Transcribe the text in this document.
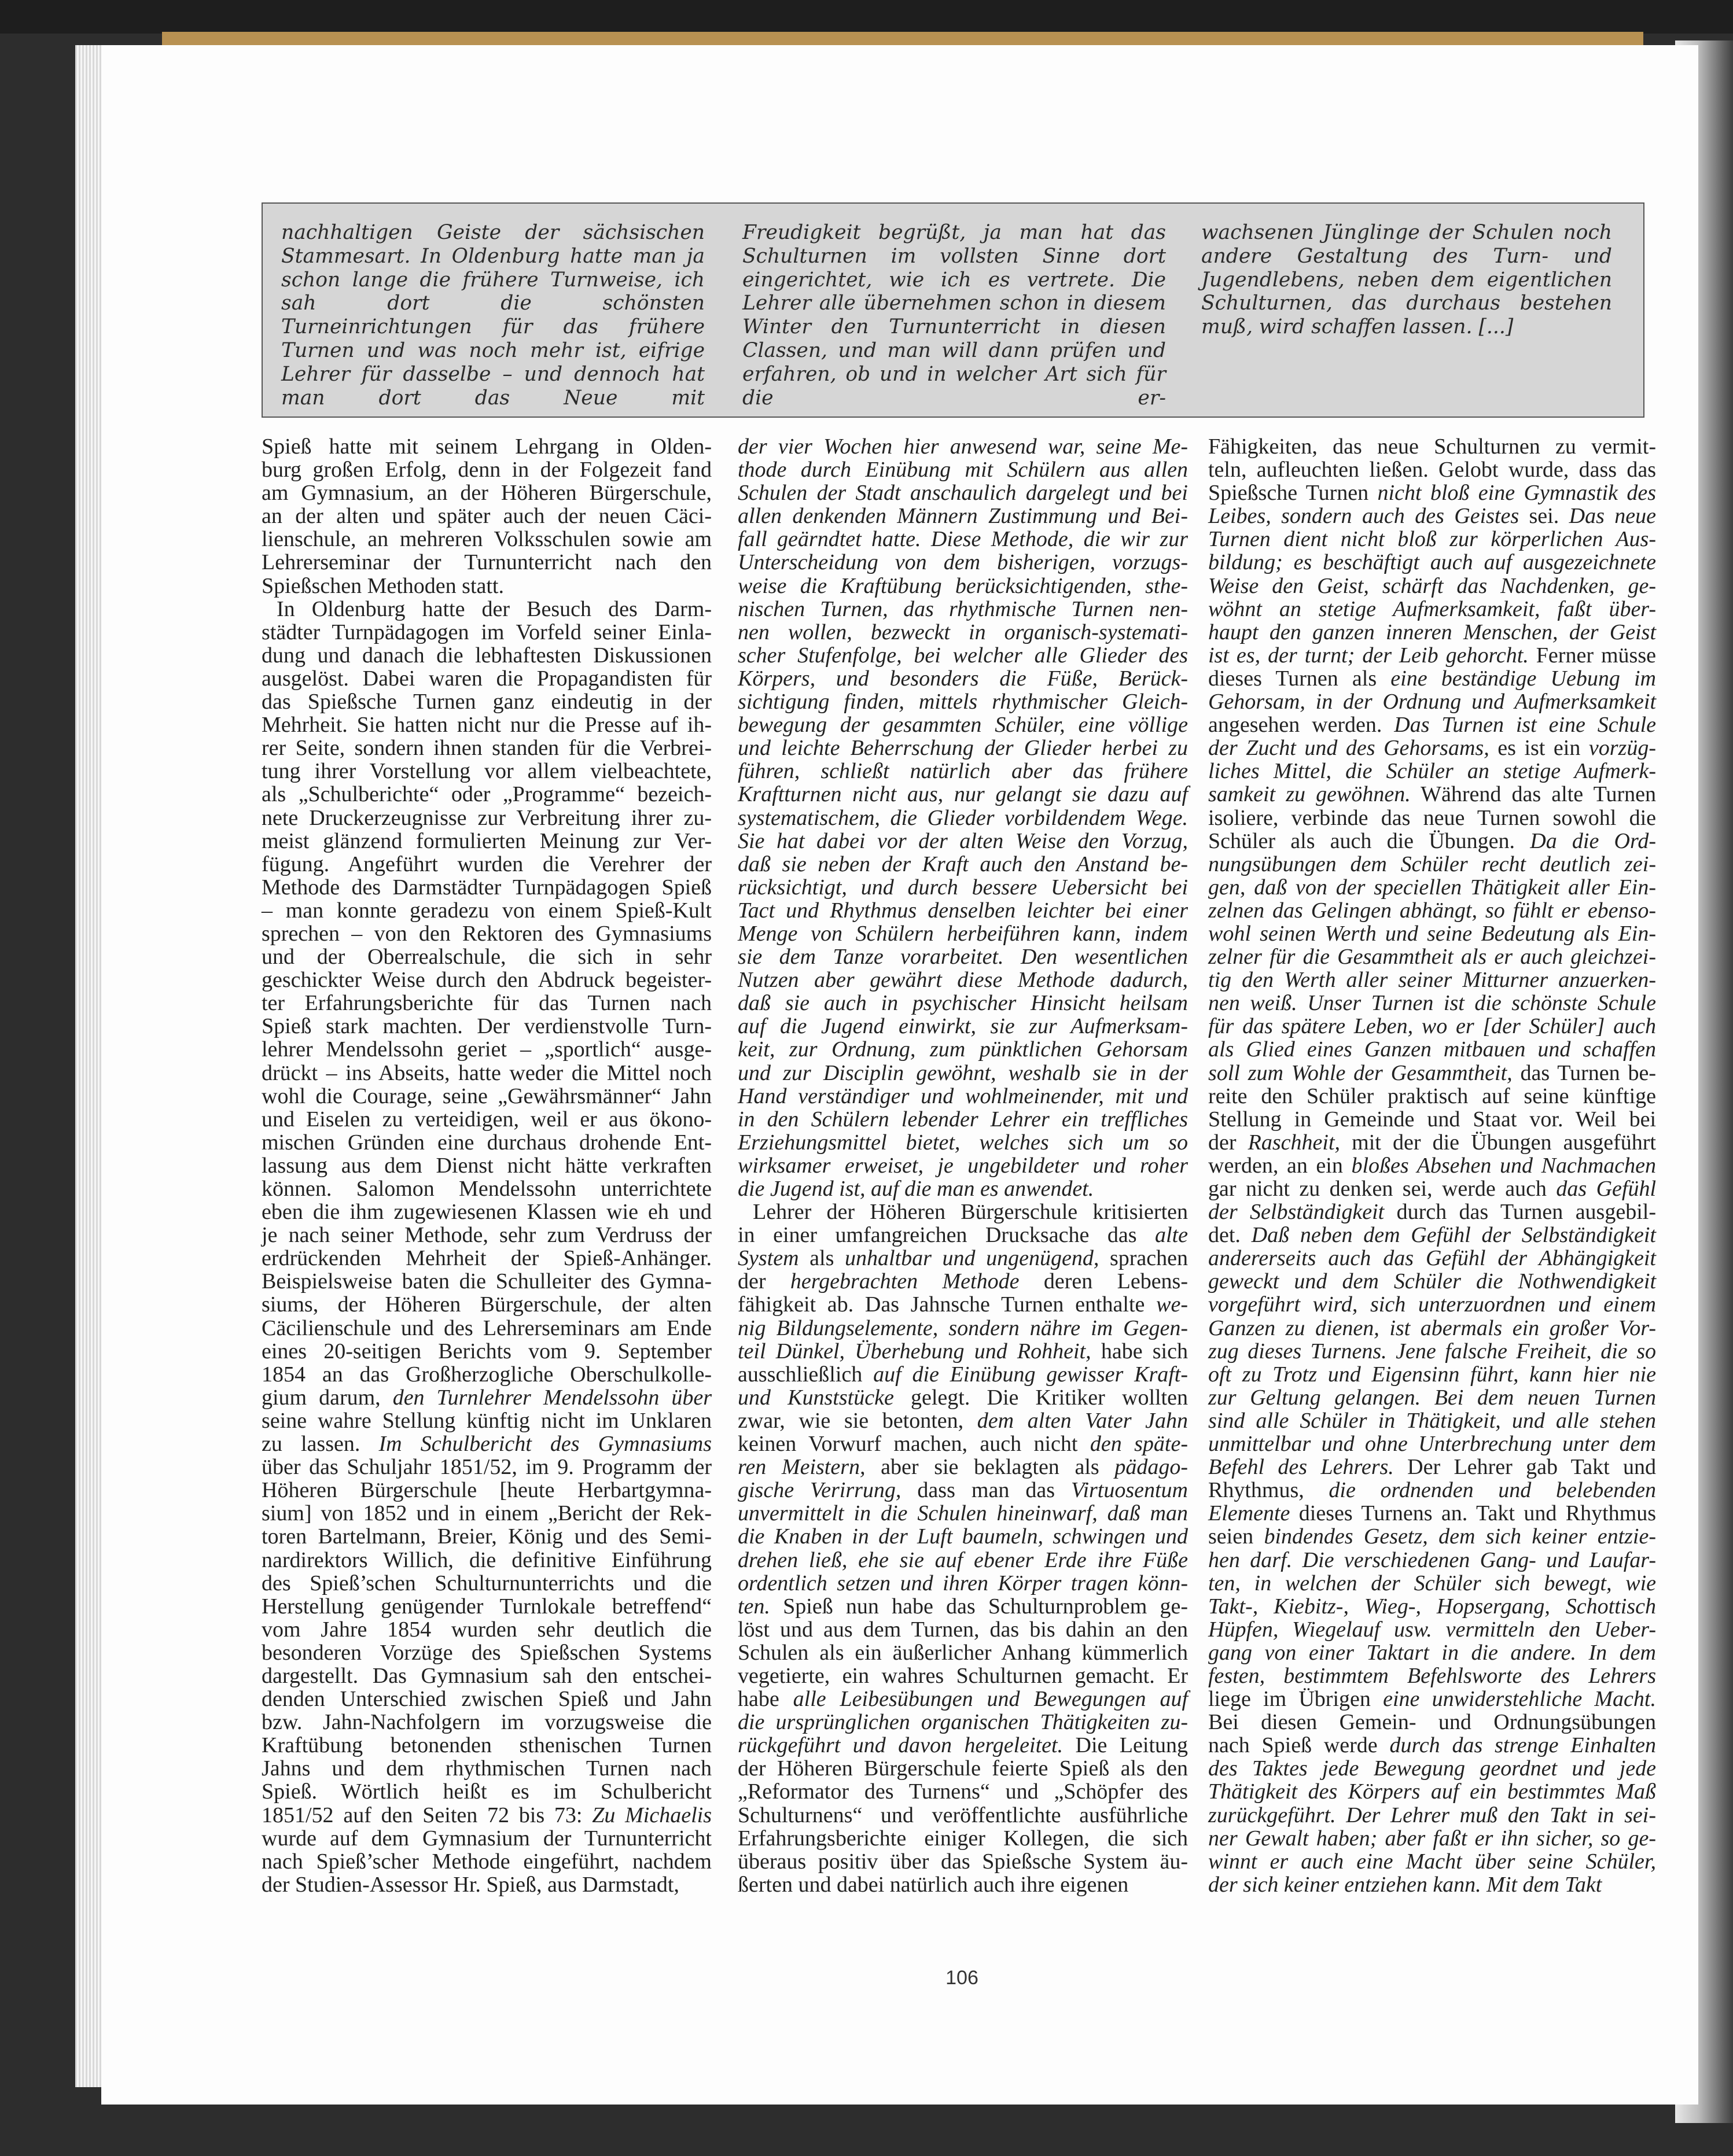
nachhaltigen Geiste der sächsischen Stammesart. In Oldenburg hatte man ja schon lange die frühere Turnweise, ich sah dort die schönsten Turneinrichtungen für das frühere Turnen und was noch mehr ist, eifrige Lehrer für dasselbe – und dennoch hat man dort das Neue mit
Freudigkeit begrüßt, ja man hat das Schulturnen im vollsten Sinne dort eingerichtet, wie ich es vertrete. Die Lehrer alle übernehmen schon in diesem Winter den Turnunterricht in diesen Classen, und man will dann prüfen und erfahren, ob und in welcher Art sich für die er-
wachsenen Jünglinge der Schulen noch andere Gestaltung des Turn- und Jugendlebens, neben dem eigentlichen Schulturnen, das durchaus bestehen muß, wird schaffen lassen. [...]
Spieß hatte mit seinem Lehrgang in Olden-
burg großen Erfolg, denn in der Folgezeit fand
am Gymnasium, an der Höheren Bürgerschule,
an der alten und später auch der neuen Cäci-
lienschule, an mehreren Volksschulen sowie am
Lehrerseminar der Turnunterricht nach den
Spießschen Methoden statt.
In Oldenburg hatte der Besuch des Darm-
städter Turnpädagogen im Vorfeld seiner Einla-
dung und danach die lebhaftesten Diskussionen
ausgelöst. Dabei waren die Propagandisten für
das Spießsche Turnen ganz eindeutig in der
Mehrheit. Sie hatten nicht nur die Presse auf ih-
rer Seite, sondern ihnen standen für die Verbrei-
tung ihrer Vorstellung vor allem vielbeachtete,
als „Schulberichte“ oder „Programme“ bezeich-
nete Druckerzeugnisse zur Verbreitung ihrer zu-
meist glänzend formulierten Meinung zur Ver-
fügung. Angeführt wurden die Verehrer der
Methode des Darmstädter Turnpädagogen Spieß
– man konnte geradezu von einem Spieß-Kult
sprechen – von den Rektoren des Gymnasiums
und der Oberrealschule, die sich in sehr
geschickter Weise durch den Abdruck begeister-
ter Erfahrungsberichte für das Turnen nach
Spieß stark machten. Der verdienstvolle Turn-
lehrer Mendelssohn geriet – „sportlich“ ausge-
drückt – ins Abseits, hatte weder die Mittel noch
wohl die Courage, seine „Gewährsmänner“ Jahn
und Eiselen zu verteidigen, weil er aus ökono-
mischen Gründen eine durchaus drohende Ent-
lassung aus dem Dienst nicht hätte verkraften
können. Salomon Mendelssohn unterrichtete
eben die ihm zugewiesenen Klassen wie eh und
je nach seiner Methode, sehr zum Verdruss der
erdrückenden Mehrheit der Spieß-Anhänger.
Beispielsweise baten die Schulleiter des Gymna-
siums, der Höheren Bürgerschule, der alten
Cäcilienschule und des Lehrerseminars am Ende
eines 20-seitigen Berichts vom 9. September
1854 an das Großherzogliche Oberschulkolle-
gium darum, den Turnlehrer Mendelssohn über
seine wahre Stellung künftig nicht im Unklaren
zu lassen. Im Schulbericht des Gymnasiums
über das Schuljahr 1851/52, im 9. Programm der
Höheren Bürgerschule [heute Herbartgymna-
sium] von 1852 und in einem „Bericht der Rek-
toren Bartelmann, Breier, König und des Semi-
nardirektors Willich, die definitive Einführung
des Spieß’schen Schulturnunterrichts und die
Herstellung genügender Turnlokale betreffend“
vom Jahre 1854 wurden sehr deutlich die
besonderen Vorzüge des Spießschen Systems
dargestellt. Das Gymnasium sah den entschei-
denden Unterschied zwischen Spieß und Jahn
bzw. Jahn-Nachfolgern im vorzugsweise die
Kraftübung betonenden sthenischen Turnen
Jahns und dem rhythmischen Turnen nach
Spieß. Wörtlich heißt es im Schulbericht
1851/52 auf den Seiten 72 bis 73: Zu Michaelis
wurde auf dem Gymnasium der Turnunterricht
nach Spieß’scher Methode eingeführt, nachdem
der Studien-Assessor Hr. Spieß, aus Darmstadt,
der vier Wochen hier anwesend war, seine Me-
thode durch Einübung mit Schülern aus allen
Schulen der Stadt anschaulich dargelegt und bei
allen denkenden Männern Zustimmung und Bei-
fall geärndtet hatte. Diese Methode, die wir zur
Unterscheidung von dem bisherigen, vorzugs-
weise die Kraftübung berücksichtigenden, sthe-
nischen Turnen, das rhythmische Turnen nen-
nen wollen, bezweckt in organisch-systemati-
scher Stufenfolge, bei welcher alle Glieder des
Körpers, und besonders die Füße, Berück-
sichtigung finden, mittels rhythmischer Gleich-
bewegung der gesammten Schüler, eine völlige
und leichte Beherrschung der Glieder herbei zu
führen, schließt natürlich aber das frühere
Kraftturnen nicht aus, nur gelangt sie dazu auf
systematischem, die Glieder vorbildendem Wege.
Sie hat dabei vor der alten Weise den Vorzug,
daß sie neben der Kraft auch den Anstand be-
rücksichtigt, und durch bessere Uebersicht bei
Tact und Rhythmus denselben leichter bei einer
Menge von Schülern herbeiführen kann, indem
sie dem Tanze vorarbeitet. Den wesentlichen
Nutzen aber gewährt diese Methode dadurch,
daß sie auch in psychischer Hinsicht heilsam
auf die Jugend einwirkt, sie zur Aufmerksam-
keit, zur Ordnung, zum pünktlichen Gehorsam
und zur Disciplin gewöhnt, weshalb sie in der
Hand verständiger und wohlmeinender, mit und
in den Schülern lebender Lehrer ein treffliches
Erziehungsmittel bietet, welches sich um so
wirksamer erweiset, je ungebildeter und roher
die Jugend ist, auf die man es anwendet.
Lehrer der Höheren Bürgerschule kritisierten
in einer umfangreichen Drucksache das alte
System als unhaltbar und ungenügend, sprachen
der hergebrachten Methode deren Lebens-
fähigkeit ab. Das Jahnsche Turnen enthalte we-
nig Bildungselemente, sondern nähre im Gegen-
teil Dünkel, Überhebung und Rohheit, habe sich
ausschließlich auf die Einübung gewisser Kraft-
und Kunststücke gelegt. Die Kritiker wollten
zwar, wie sie betonten, dem alten Vater Jahn
keinen Vorwurf machen, auch nicht den späte-
ren Meistern, aber sie beklagten als pädago-
gische Verirrung, dass man das Virtuosentum
unvermittelt in die Schulen hineinwarf, daß man
die Knaben in der Luft baumeln, schwingen und
drehen ließ, ehe sie auf ebener Erde ihre Füße
ordentlich setzen und ihren Körper tragen könn-
ten. Spieß nun habe das Schulturnproblem ge-
löst und aus dem Turnen, das bis dahin an den
Schulen als ein äußerlicher Anhang kümmerlich
vegetierte, ein wahres Schulturnen gemacht. Er
habe alle Leibesübungen und Bewegungen auf
die ursprünglichen organischen Thätigkeiten zu-
rückgeführt und davon hergeleitet. Die Leitung
der Höheren Bürgerschule feierte Spieß als den
„Reformator des Turnens“ und „Schöpfer des
Schulturnens“ und veröffentlichte ausführliche
Erfahrungsberichte einiger Kollegen, die sich
überaus positiv über das Spießsche System äu-
ßerten und dabei natürlich auch ihre eigenen
Fähigkeiten, das neue Schulturnen zu vermit-
teln, aufleuchten ließen. Gelobt wurde, dass das
Spießsche Turnen nicht bloß eine Gymnastik des
Leibes, sondern auch des Geistes sei. Das neue
Turnen dient nicht bloß zur körperlichen Aus-
bildung; es beschäftigt auch auf ausgezeichnete
Weise den Geist, schärft das Nachdenken, ge-
wöhnt an stetige Aufmerksamkeit, faßt über-
haupt den ganzen inneren Menschen, der Geist
ist es, der turnt; der Leib gehorcht. Ferner müsse
dieses Turnen als eine beständige Uebung im
Gehorsam, in der Ordnung und Aufmerksamkeit
angesehen werden. Das Turnen ist eine Schule
der Zucht und des Gehorsams, es ist ein vorzüg-
liches Mittel, die Schüler an stetige Aufmerk-
samkeit zu gewöhnen. Während das alte Turnen
isoliere, verbinde das neue Turnen sowohl die
Schüler als auch die Übungen. Da die Ord-
nungsübungen dem Schüler recht deutlich zei-
gen, daß von der speciellen Thätigkeit aller Ein-
zelnen das Gelingen abhängt, so fühlt er ebenso-
wohl seinen Werth und seine Bedeutung als Ein-
zelner für die Gesammtheit als er auch gleichzei-
tig den Werth aller seiner Mitturner anzuerken-
nen weiß. Unser Turnen ist die schönste Schule
für das spätere Leben, wo er [der Schüler] auch
als Glied eines Ganzen mitbauen und schaffen
soll zum Wohle der Gesammtheit, das Turnen be-
reite den Schüler praktisch auf seine künftige
Stellung in Gemeinde und Staat vor. Weil bei
der Raschheit, mit der die Übungen ausgeführt
werden, an ein bloßes Absehen und Nachmachen
gar nicht zu denken sei, werde auch das Gefühl
der Selbständigkeit durch das Turnen ausgebil-
det. Daß neben dem Gefühl der Selbständigkeit
andererseits auch das Gefühl der Abhängigkeit
geweckt und dem Schüler die Nothwendigkeit
vorgeführt wird, sich unterzuordnen und einem
Ganzen zu dienen, ist abermals ein großer Vor-
zug dieses Turnens. Jene falsche Freiheit, die so
oft zu Trotz und Eigensinn führt, kann hier nie
zur Geltung gelangen. Bei dem neuen Turnen
sind alle Schüler in Thätigkeit, und alle stehen
unmittelbar und ohne Unterbrechung unter dem
Befehl des Lehrers. Der Lehrer gab Takt und
Rhythmus, die ordnenden und belebenden
Elemente dieses Turnens an. Takt und Rhythmus
seien bindendes Gesetz, dem sich keiner entzie-
hen darf. Die verschiedenen Gang- und Laufar-
ten, in welchen der Schüler sich bewegt, wie
Takt-, Kiebitz-, Wieg-, Hopsergang, Schottisch
Hüpfen, Wiegelauf usw. vermitteln den Ueber-
gang von einer Taktart in die andere. In dem
festen, bestimmtem Befehlsworte des Lehrers
liege im Übrigen eine unwiderstehliche Macht.
Bei diesen Gemein- und Ordnungsübungen
nach Spieß werde durch das strenge Einhalten
des Taktes jede Bewegung geordnet und jede
Thätigkeit des Körpers auf ein bestimmtes Maß
zurückgeführt. Der Lehrer muß den Takt in sei-
ner Gewalt haben; aber faßt er ihn sicher, so ge-
winnt er auch eine Macht über seine Schüler,
der sich keiner entziehen kann. Mit dem Takt
106
